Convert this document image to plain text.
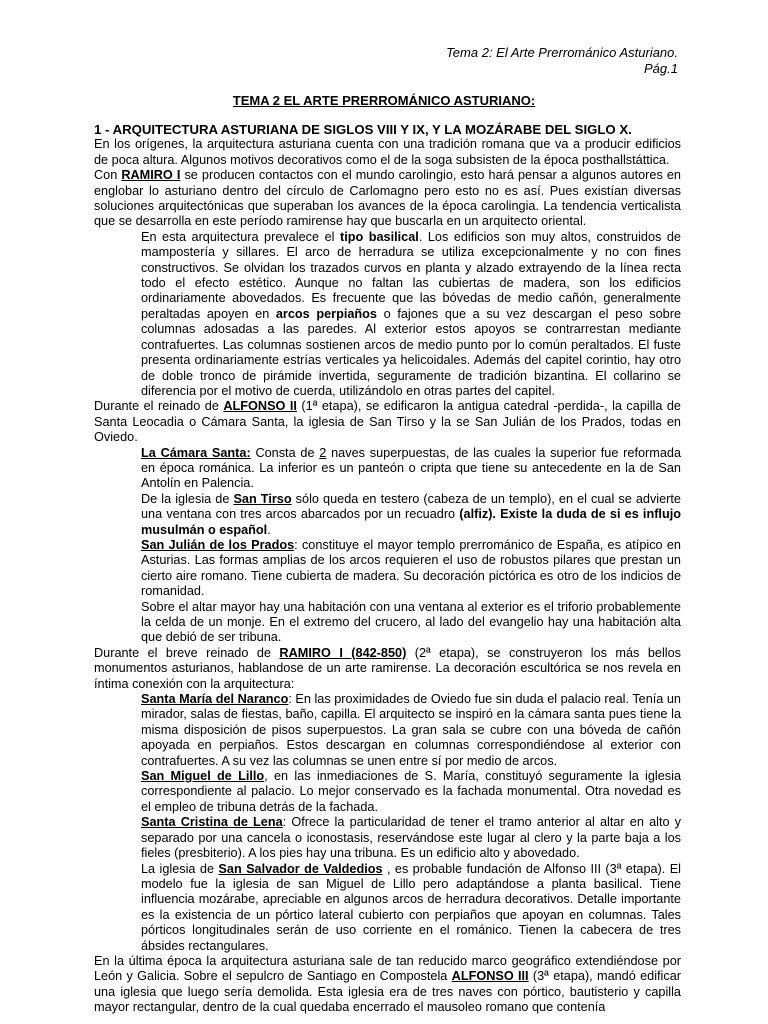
Tema 2: El Arte Prerrománico Asturiano.
Pág.1
TEMA 2 EL ARTE PRERROMÁNICO ASTURIANO:

1 - ARQUITECTURA ASTURIANA DE SIGLOS VIII Y IX, Y LA MOZÁRABE DEL SIGLO X.

En los orígenes, la arquitectura asturiana cuenta con una tradición romana que va a producir edificios de poca altura. Algunos motivos decorativos como el de la soga subsisten de la época posthallstáttica.

Con RAMIRO I se producen contactos con el mundo carolingio, esto hará pensar a algunos autores en englobar lo asturiano dentro del círculo de Carlomagno pero esto no es así. Pues existían diversas soluciones arquitectónicas que superaban los avances de la época carolingia. La tendencia verticalista que se desarrolla en este período ramirense hay que buscarla en un arquitecto oriental.

En esta arquitectura prevalece el tipo basilical. Los edificios son muy altos, construidos de mampostería y sillares. El arco de herradura se utiliza excepcionalmente y no con fines constructivos. Se olvidan los trazados curvos en planta y alzado extrayendo de la línea recta todo el efecto estético. Aunque no faltan las cubiertas de madera, son los edificios ordinariamente abovedados. Es frecuente que las bóvedas de medio cañón, generalmente peraltadas apoyen en arcos perpiaños o fajones que a su vez descargan el peso sobre columnas adosadas a las paredes. Al exterior estos apoyos se contrarrestan mediante contrafuertes. Las columnas sostienen arcos de medio punto por lo común peraltados. El fuste presenta ordinariamente estrías verticales ya helicoidales. Además del capitel corintio, hay otro de doble tronco de pirámide invertida, seguramente de tradición bizantina. El collarino se diferencia por el motivo de cuerda, utilizándolo en otras partes del capitel.

Durante el reinado de ALFONSO II (1ª etapa), se edificaron la antigua catedral -perdida-, la capilla de Santa Leocadia o Cámara Santa, la iglesia de San Tirso y la se San Julián de los Prados, todas en Oviedo.

La Cámara Santa: Consta de 2 naves superpuestas, de las cuales la superior fue reformada en época románica. La inferior es un panteón o cripta que tiene su antecedente en la de San Antolín en Palencia.

De la iglesia de San Tirso sólo queda en testero (cabeza de un templo), en el cual se advierte una ventana con tres arcos abarcados por un recuadro (alfiz). Existe la duda de si es influjo musulmán o español.

San Julián de los Prados: constituye el mayor templo prerrománico de España, es atípico en Asturias. Las formas amplias de los arcos requieren el uso de robustos pilares que prestan un cierto aire romano. Tiene cubierta de madera. Su decoración pictórica es otro de los indicios de romanidad.

Sobre el altar mayor hay una habitación con una ventana al exterior es el triforio probablemente la celda de un monje. En el extremo del crucero, al lado del evangelio hay una habitación alta que debió de ser tribuna.

Durante el breve reinado de RAMIRO I (842-850) (2ª etapa), se construyeron los más bellos monumentos asturianos, hablandose de un arte ramirense. La decoración escultórica se nos revela en íntima conexión con la arquitectura:

Santa María del Naranco: En las proximidades de Oviedo fue sin duda el palacio real. Tenía un mirador, salas de fiestas, baño, capilla. El arquitecto se inspiró en la cámara santa pues tiene la misma disposición de pisos superpuestos. La gran sala se cubre con una bóveda de cañón apoyada en perpiaños. Estos descargan en columnas correspondiéndose al exterior con contrafuertes. A su vez las columnas se unen entre sí por medio de arcos.

San Miguel de Lillo, en las inmediaciones de S. María, constituyó seguramente la iglesia correspondiente al palacio. Lo mejor conservado es la fachada monumental. Otra novedad es el empleo de tribuna detrás de la fachada.

Santa Cristina de Lena: Ofrece la particularidad de tener el tramo anterior al altar en alto y separado por una cancela o iconostasis, reservándose este lugar al clero y la parte baja a los fieles (presbiterio). A los pies hay una tribuna. Es un edificio alto y abovedado.

La iglesia de San Salvador de Valdedios , es probable fundación de Alfonso III (3ª etapa). El modelo fue la iglesia de san Miguel de Lillo pero adaptándose a planta basilical. Tiene influencia mozárabe, apreciable en algunos arcos de herradura decorativos. Detalle importante es la existencia de un pórtico lateral cubierto con perpiaños que apoyan en columnas. Tales pórticos longitudinales serán de uso corriente en el románico. Tienen la cabecera de tres ábsides rectangulares.

En la última época la arquitectura asturiana sale de tan reducido marco geográfico extendiéndose por León y Galicia. Sobre el sepulcro de Santiago en Compostela ALFONSO III (3ª etapa), mandó edificar una iglesia que luego sería demolida. Esta iglesia era de tres naves con pórtico, bautisterio y capilla mayor rectangular, dentro de la cual quedaba encerrado el mausoleo romano que contenía
